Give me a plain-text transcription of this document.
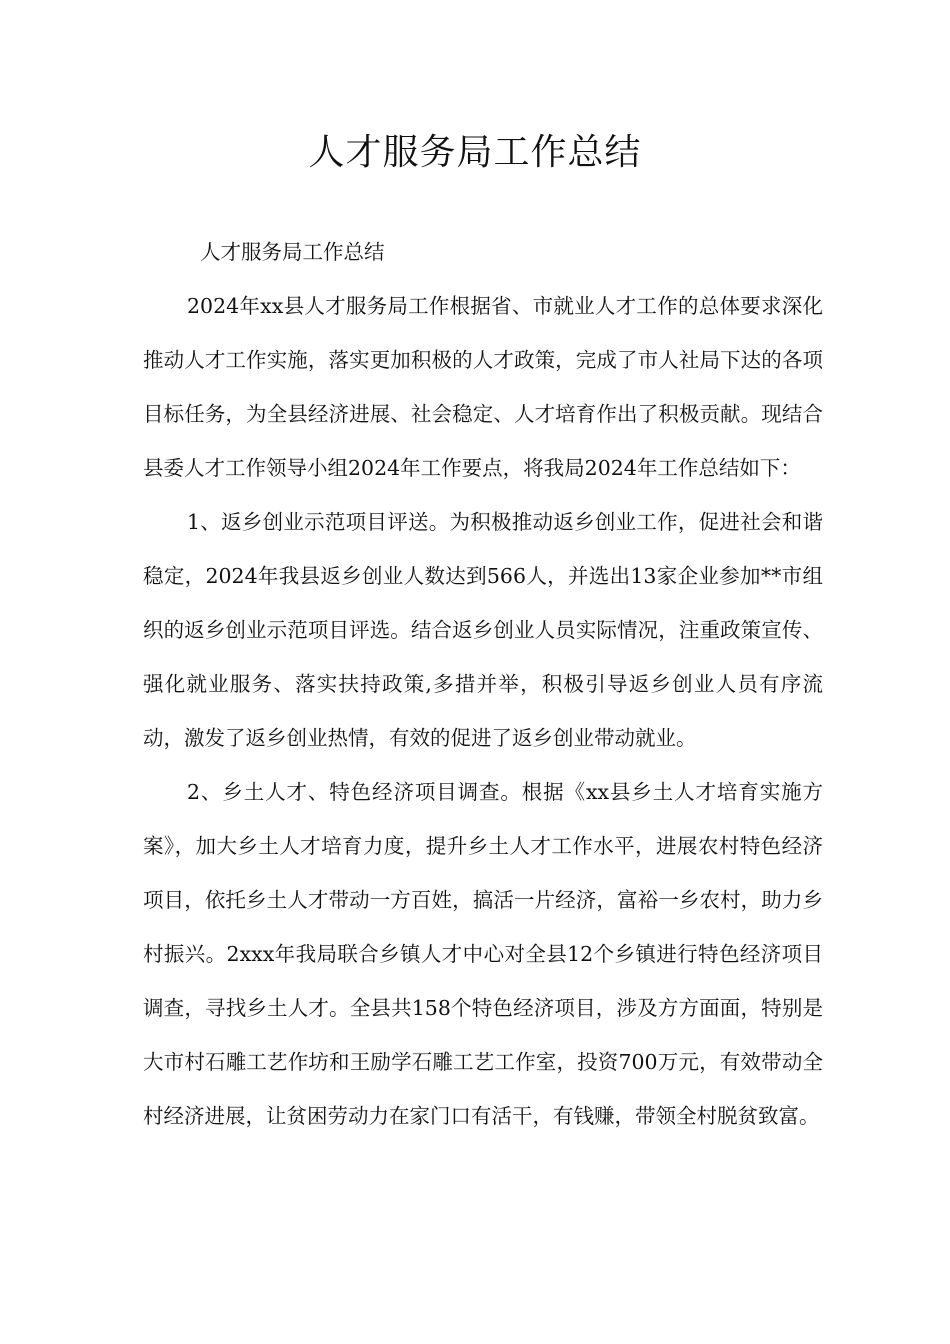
人才服务局工作总结

人才服务局工作总结

2024年xx县人才服务局工作根据省、市就业人才工作的总体要求深化推动人才工作实施，落实更加积极的人才政策，完成了市人社局下达的各项目标任务，为全县经济进展、社会稳定、人才培育作出了积极贡献。现结合县委人才工作领导小组2024年工作要点，将我局2024年工作总结如下：

1、返乡创业示范项目评送。为积极推动返乡创业工作，促进社会和谐稳定，2024年我县返乡创业人数达到566人，并选出13家企业参加**市组织的返乡创业示范项目评选。结合返乡创业人员实际情况，注重政策宣传、强化就业服务、落实扶持政策,多措并举，积极引导返乡创业人员有序流动，激发了返乡创业热情，有效的促进了返乡创业带动就业。

2、乡土人才、特色经济项目调查。根据《xx县乡土人才培育实施方案》，加大乡土人才培育力度，提升乡土人才工作水平，进展农村特色经济项目，依托乡土人才带动一方百姓，搞活一片经济，富裕一乡农村，助力乡村振兴。2xxx年我局联合乡镇人才中心对全县12个乡镇进行特色经济项目调查，寻找乡土人才。全县共158个特色经济项目，涉及方方面面，特别是大市村石雕工艺作坊和王励学石雕工艺工作室，投资700万元，有效带动全村经济进展，让贫困劳动力在家门口有活干，有钱赚，带领全村脱贫致富。
